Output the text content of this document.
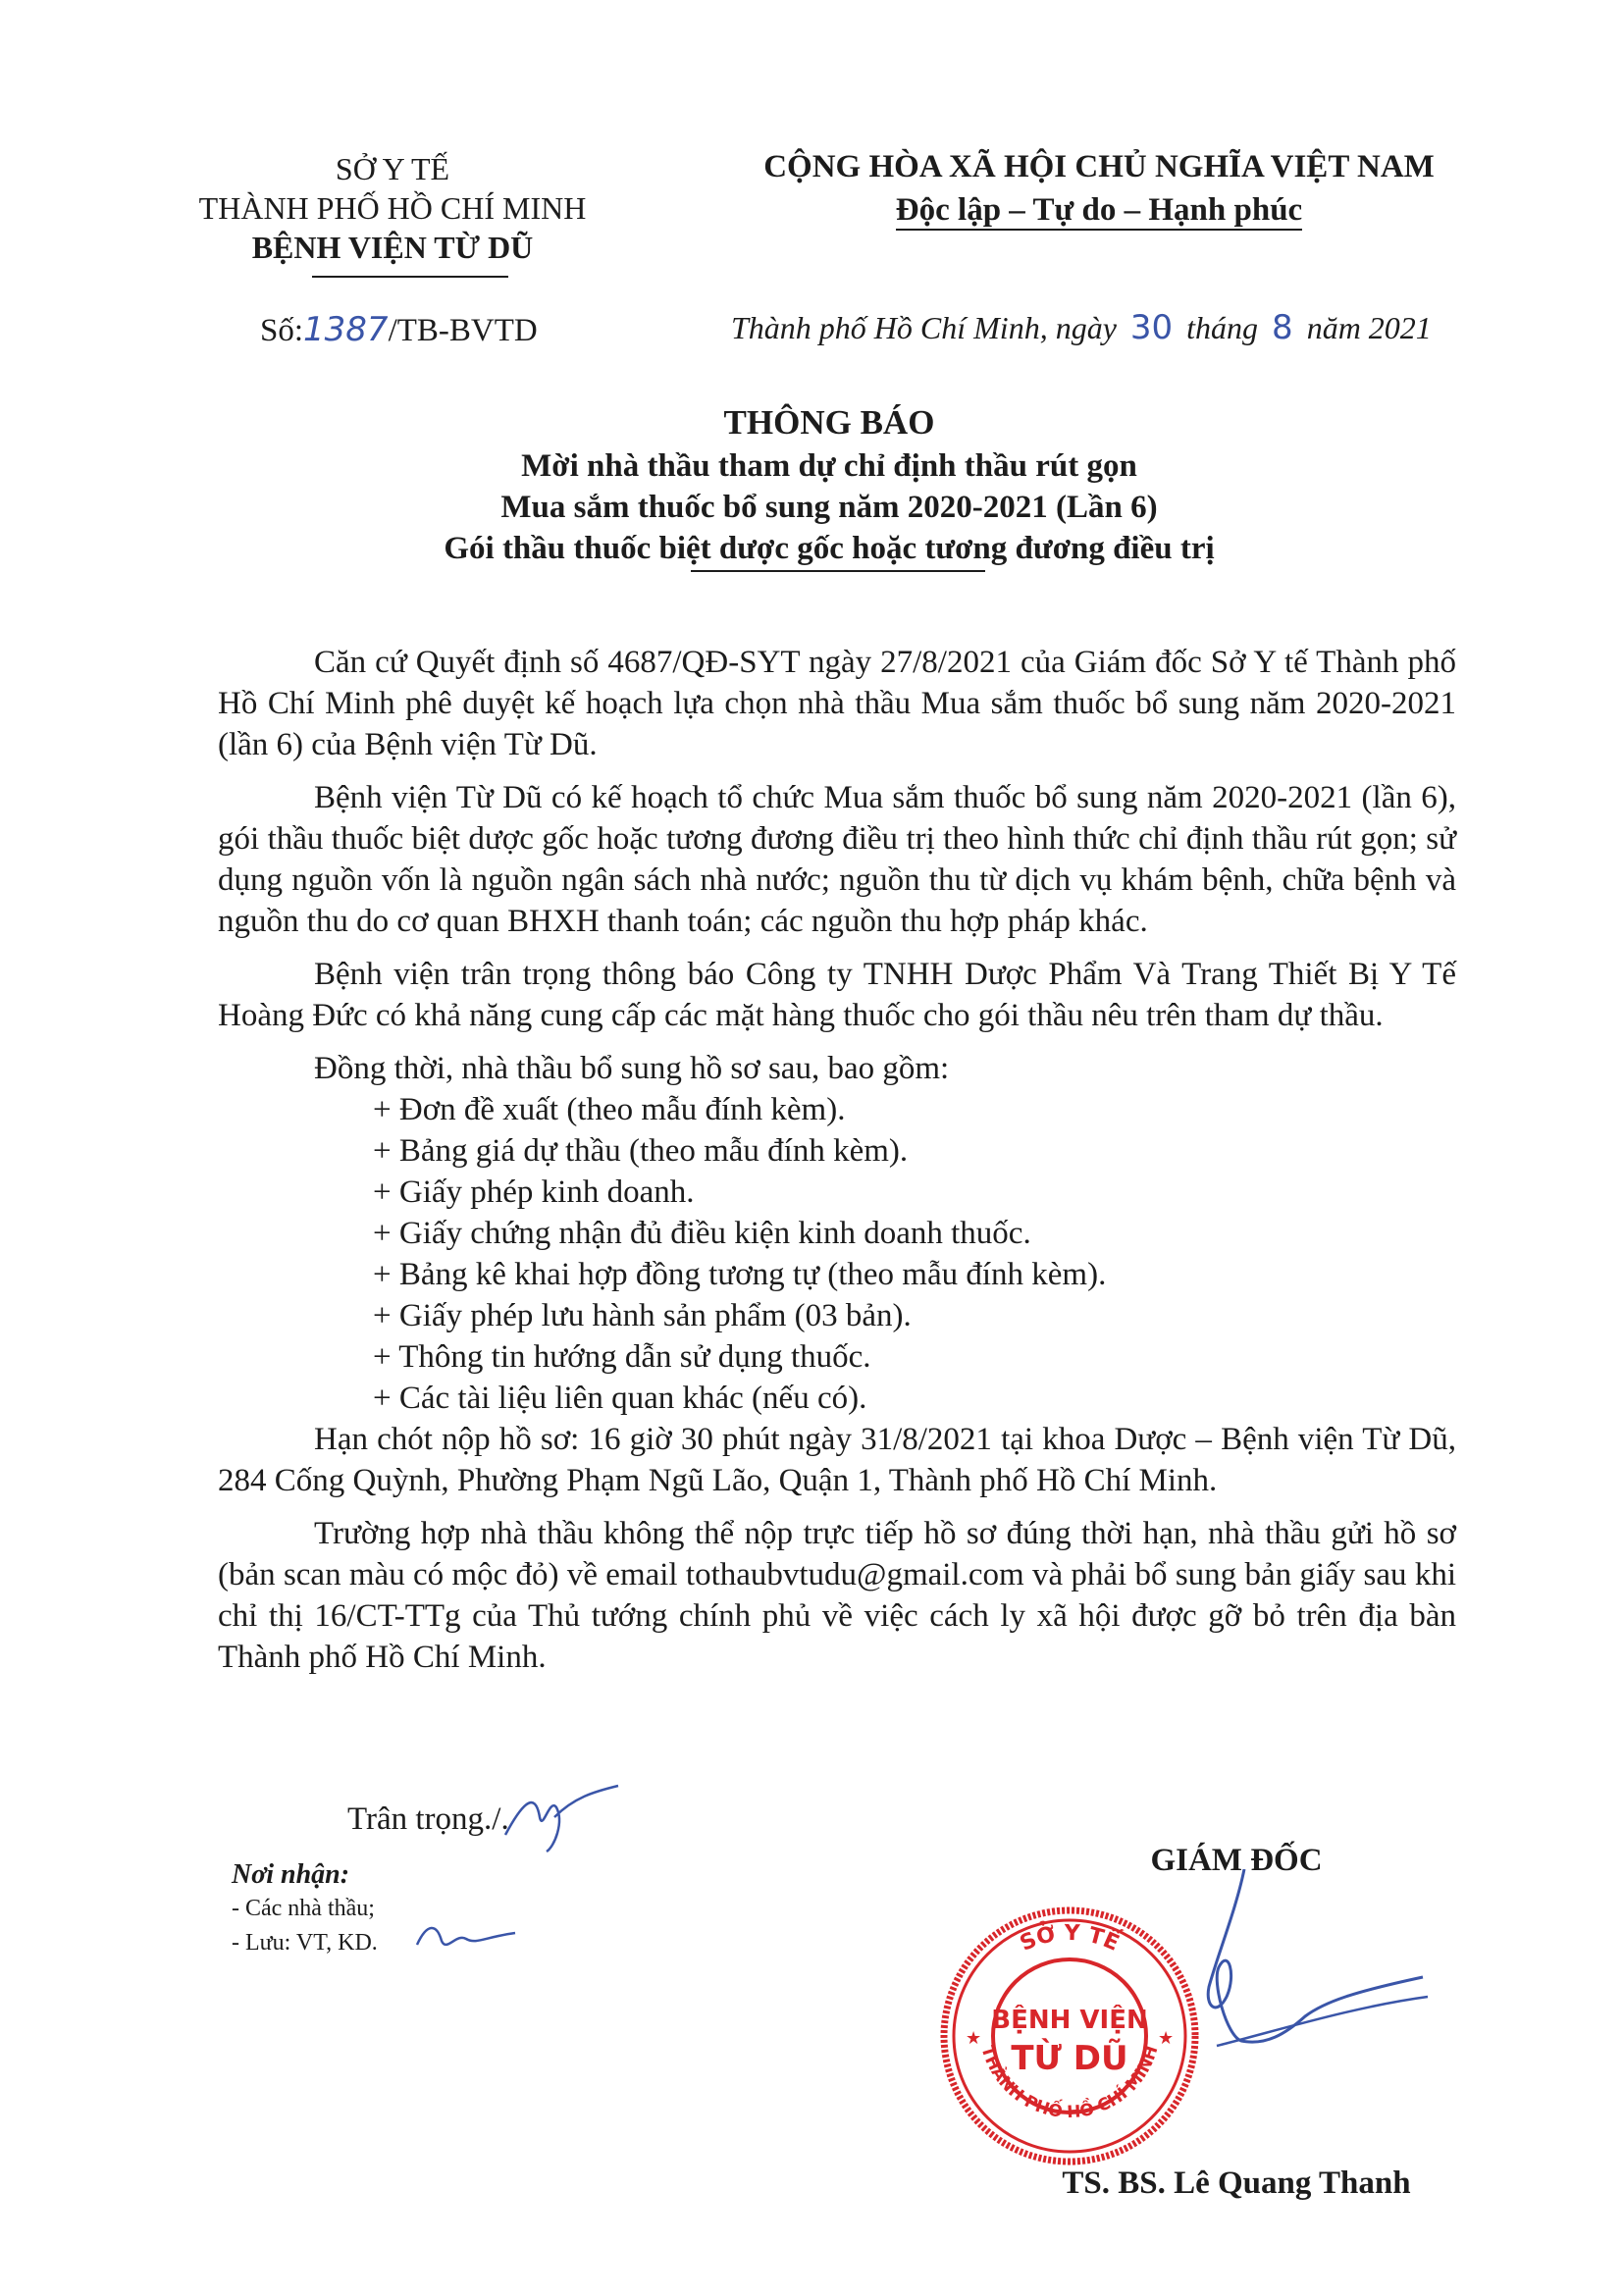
SỞ Y TẾ
THÀNH PHỐ HỒ CHÍ MINH
BỆNH VIỆN TỪ DŨ
CỘNG HÒA XÃ HỘI CHỦ NGHĨA VIỆT NAM
Độc lập – Tự do – Hạnh phúc
Số:1387/TB-BVTD	Thành phố Hồ Chí Minh, ngày 30 tháng 8 năm 2021
THÔNG BÁO
Mời nhà thầu tham dự chỉ định thầu rút gọn
Mua sắm thuốc bổ sung năm 2020-2021 (Lần 6)
Gói thầu thuốc biệt dược gốc hoặc tương đương điều trị

Căn cứ Quyết định số 4687/QĐ-SYT ngày 27/8/2021 của Giám đốc Sở Y tế Thành phố Hồ Chí Minh phê duyệt kế hoạch lựa chọn nhà thầu Mua sắm thuốc bổ sung năm 2020-2021 (lần 6) của Bệnh viện Từ Dũ.

Bệnh viện Từ Dũ có kế hoạch tổ chức Mua sắm thuốc bổ sung năm 2020-2021 (lần 6), gói thầu thuốc biệt dược gốc hoặc tương đương điều trị theo hình thức chỉ định thầu rút gọn; sử dụng nguồn vốn là nguồn ngân sách nhà nước; nguồn thu từ dịch vụ khám bệnh, chữa bệnh và nguồn thu do cơ quan BHXH thanh toán; các nguồn thu hợp pháp khác.

Bệnh viện trân trọng thông báo Công ty TNHH Dược Phẩm Và Trang Thiết Bị Y Tế Hoàng Đức có khả năng cung cấp các mặt hàng thuốc cho gói thầu nêu trên tham dự thầu.

Đồng thời, nhà thầu bổ sung hồ sơ sau, bao gồm:

+ Đơn đề xuất (theo mẫu đính kèm).
+ Bảng giá dự thầu (theo mẫu đính kèm).
+ Giấy phép kinh doanh.
+ Giấy chứng nhận đủ điều kiện kinh doanh thuốc.
+ Bảng kê khai hợp đồng tương tự (theo mẫu đính kèm).
+ Giấy phép lưu hành sản phẩm (03 bản).
+ Thông tin hướng dẫn sử dụng thuốc.
+ Các tài liệu liên quan khác (nếu có).

Hạn chót nộp hồ sơ: 16 giờ 30 phút ngày 31/8/2021 tại khoa Dược – Bệnh viện Từ Dũ, 284 Cống Quỳnh, Phường Phạm Ngũ Lão, Quận 1, Thành phố Hồ Chí Minh.

Trường hợp nhà thầu không thể nộp trực tiếp hồ sơ đúng thời hạn, nhà thầu gửi hồ sơ (bản scan màu có mộc đỏ) về email tothaubvtudu@gmail.com và phải bổ sung bản giấy sau khi chỉ thị 16/CT-TTg của Thủ tướng chính phủ về việc cách ly xã hội được gỡ bỏ trên địa bàn Thành phố Hồ Chí Minh.

Trân trọng./.
Nơi nhận:
- Các nhà thầu;
- Lưu: VT, KD.
GIÁM ĐỐC
SỞ Y TẾ
THÀNH PHỐ HỒ CHÍ MINH
★	★
BỆNH VIỆN
TỪ DŨ
TS. BS. Lê Quang Thanh
